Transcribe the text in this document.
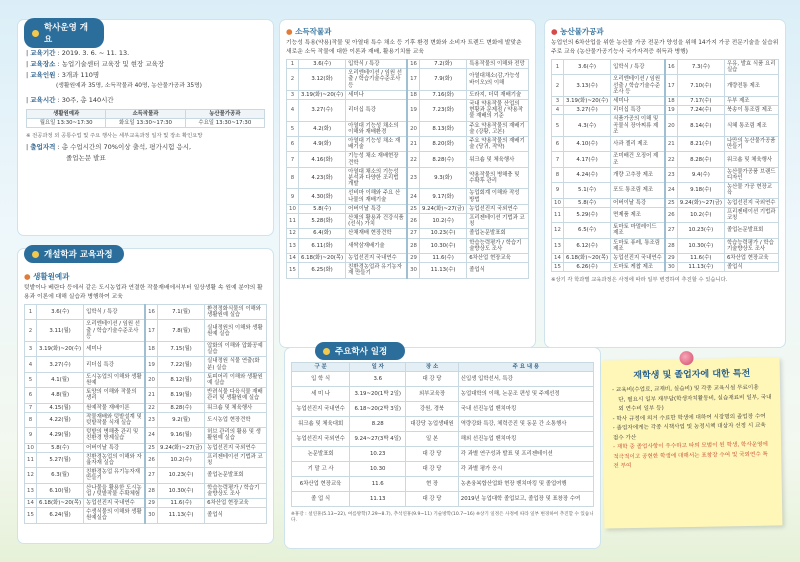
학사운영 개요
| 교육기간 : 2019. 3. 6. ~ 11. 13.
| 교육장소 : 농업기술센터 교육장 및 현장 교육장
| 교육인원 : 3개과 110명
(생활원예과 35명, 소득작물과 40명, 농산물가공과 35명)
| 교육시간 : 30주, 총 140시간
생활원예과	소득작물과	농산물가공과
월요일 13:30~17:30	화요일 13:30~17:30	수요일 13:30~17:30
※ 전공과정 외 공통수업 및 주요 행사는 세부교육과정 일자 및 장소 확인요망
| 출업자격 : 총 수업시간의 70%이상 출석, 평가시험 응시,
졸업논문 발표
개설학과 교육과정
● 생활원예과
텃밭이나 베란다 등에서 같은 도시농업과 연결한 작물재배에서부터 일상생활 속 원예 분야의 활용과 이론에 대해 실습과 병행하여 교육
1	3.6(수)	입학식 / 특강	16	7.1(월)	환경정화식물의 이해와 생활원예 실습
2	3.11(월)	오리엔테이션 / 임원 선출 / 학습기술수준조사 등	17	7.8(월)	실내정원의 이해와 생활원예 실습
3	3.19(화)~20(수)	세미나	18	7.15(월)	압화의 이해와 압화공예 실습
4	3.27(수)	리더십 특강	19	7.22(월)	실내정원 식물 연출(화분) 실습
5	4.1(월)	도시농업의 이해와 생활원예	20	8.12(월)	토피어리 이해와 생활원예 실습
6	4.8(월)	토양의 이해와 작물의 생리	21	8.19(월)	반려식물 다육식물 재배관리 및 생활원예 실습
7	4.15(월)	원예작물 재배이론	22	8.28(수)	워크숍 및 체육행사
8	4.22(월)	작물재배와 텃밭설계 및 텃밭작물 식재 실습	23	9.2(월)	도시농업 현장견학
9	4.29(월)	텃밭의 병해충 관리 및 친환경 방제실습	24	9.16(월)	허브 관리의 활용 및 생활원예 실습
10	5.8(수)	어버이날 특강	25	9.24(화)~27(금)	농업선진지 국외연수
11	5.27(월)	친환경농업의 이해와 자율자재 실습	26	10.2(수)	프리젠테이션 기법과 코칭
12	6.3(월)	친환경농업 유기농자재 만들기	27	10.23(수)	졸업논문발표회
13	6.10(월)	산나물을 활용한 도시농업 / 텃밭작물 수확체험	28	10.30(수)	학습능력평가 / 학습기술향상도 조사
14	6.18(화)~20(목)	농업선진지 국내연수	29	11.6(수)	6차산업 현장교육
15	6.24(월)	수생식물의 이해와 생활원예실습	30	11.13(수)	졸업식
● 소득작물과
기능성 특용(약용)작물 및 아열대 특수 채소 등 기후 환경 변화와 소비자 트렌드 변화에 발맞춘 새로운 소득 작물에 대한 이론과 재배, 활용기치를 교육
1	3.6(수)	입학식 / 특강	16	7.2(화)	특용작물의 이해와 전망
2	3.12(화)	오리엔테이션 / 임원 선출 / 학습기술수준조사 등	17	7.9(화)	아열대채소(감,가능성 바이오)의 이해
3	3.19(화)~20(수)	세미나	18	7.16(화)	도라지, 더덕 재배기술
4	3.27(수)	리더십 특강	19	7.23(화)	국내 약용작물 산업의 현황과 문제점 / 약용작물 재배의 기준
5	4.2(화)	아열대 기능성 채소의 이해와 재배환경	20	8.13(화)	주요 약용작물의 재배기술 (강황, 고본)
6	4.9(화)	아열대 기능성 채소 재배기술	21	8.20(화)	주요 약용작물의 재배기술 (당귀, 작약)
7	4.16(화)	기능성 채소 재배현장 견학	22	8.28(수)	워크숍 및 체육행사
8	4.23(화)	아열대 채소의 기능성 분석과 다양한 조리법 개발	23	9.3(화)	약용작물의 병해충 및 수확후 관리
9	4.30(화)	선비마 이해와 주요 산나물의 재배기술	24	9.17(화)	농업회계 이해와 작성 방법
10	5.8(수)	어버이날 특강	25	9.24(화)~27(금)	농업선진지 국외연수
11	5.28(화)	산채의 활용과 건강식품(선식) 가치	26	10.2(수)	프리젠테이션 기법과 코칭
12	6.4(화)	산채재배 현장견학	27	10.23(수)	졸업논문발표회
13	6.11(화)	새싹삼재배기술	28	10.30(수)	학습능력평가 / 학습기술향상도 조사
14	6.18(화)~20(목)	농업선진지 국내연수	29	11.6(수)	6차산업 현장교육
15	6.25(화)	친환경농업과 유기농자재 만들기	30	11.13(수)	졸업식
● 농산물가공과
농업인의 6차산업을 위한 농산물 가공 전문가 양성을 위해 14가지 가공 전문기술을 실습위주로 교육 (농산물가공기능사 국가자격증 취득과 병행)
1	3.6(수)	입학식 / 특강	16	7.3(수)	우유, 발효 식품 요리 실습
2	3.13(수)	오리엔테이션 / 임원 선출 / 학습기술수준조사 등	17	7.10(수)	개량전통 제조
3	3.19(화)~20(수)	세미나	18	7.17(수)	두부 제조
4	3.27(수)	리더십 특강	19	7.24(수)	북송이 통조림 제조
5	4.3(수)	식품가공의 이해 및 곡물식 장아찌류 제조	20	8.14(수)	식혜 통조림 제조
6	4.10(수)	사과 젤리 제조	21	8.21(수)	나만의 농산물가공품 만들기
7	4.17(수)	조미배건 오징어 제조	22	8.28(수)	워크숍 및 체육행사
8	4.24(수)	개량 고추장 제조	23	9.4(수)	농산물가공품 브랜드 디자인
9	5.1(수)	포도 통조림 제조	24	9.18(수)	농산물 가공 현장교육
10	5.8(수)	어버이날 특강	25	9.24(화)~27(금)	농업선진지 국외연수
11	5.29(수)	면제품 제조	26	10.2(수)	프리젠테이션 기법과 코칭
12	6.5(수)	토마토 마멀레이드 제조	27	10.23(수)	졸업논문발표회
13	6.12(수)	도마토 퓨레, 통조림 제조	28	10.30(수)	학습능력평가 / 학습기술향상도 조사
14	6.18(화)~20(목)	농업선진지 국내연수	29	11.6(수)	6차산업 현장교육
15	6.26(수)	도마토 케찹 제조	30	11.13(수)	졸업식
※상기 각 학과별 교육과정은 사정에 따라 일부 변경하여 추진할 수 있습니다.
주요학사 일정
구 분	일 자	장 소	주 요 내 용
입 학 식	3.6	대 강 당	신입생 입학선서, 특강
세 미 나	3.19~20(1박 2일)	외부교육장	농업대학의 이해, 논문조 편성 및 주제선정
농업선진지 국내연수	6.18~20(2박 3일)	강원, 경북	국내 선진농업 벤치마킹
워크숍 및 체육대회	8.28	대강당 농업생태원	역량강화 특강, 체력증진 및 동문 간 소통행사
농업선진지 국외연수	9.24~27(3박 4일)	일 본	해외 선진농업 벤치마킹
논문발표회	10.23	대 강 당	각 과별 연구성과 발표 및 프리젠테이션
기 말 고 사	10.30	대 강 당	각 과별 평가 응시
6차산업 현장교육	11.6	현 장	농촌융복합산업화 현장 벤치마킹 및 졸업여행
졸 업 식	11.13	대 강 당	2019년 농업대학 졸업보고, 졸업장 및 표창장 수여
※휴강 : 설연휴(5.13~22), 여름방학(7.29~8.7), 추석연휴(9.9~11) 기술방학(10.7~16) ※상기 일정은 사정에 따라 일부 변경하여 추진할 수 있습니다.
재학생 및 졸업자에 대한 특전
- 교육비(수업료, 교재비, 실습비) 및 각종 교육시설 무료이용
단, 필요시 일부 재부담(학생자치활동비, 실습재료비 일부, 국내외 연수비 일부 등)
- 학사 규정에 의거 수료한 학생에 대하여 시장명의 졸업장 수여
- 졸업자에게는 각종 시책사업 및 농정시책 대상자 선정 시 교육 점수 가산
- 재학 중 졸업사항이 우수하고 타의 모범이 된 학생, 학사운영에 적극적이고 공헌한 학생에 대해서는 표창장 수여 및 국외연수 특전 부여
